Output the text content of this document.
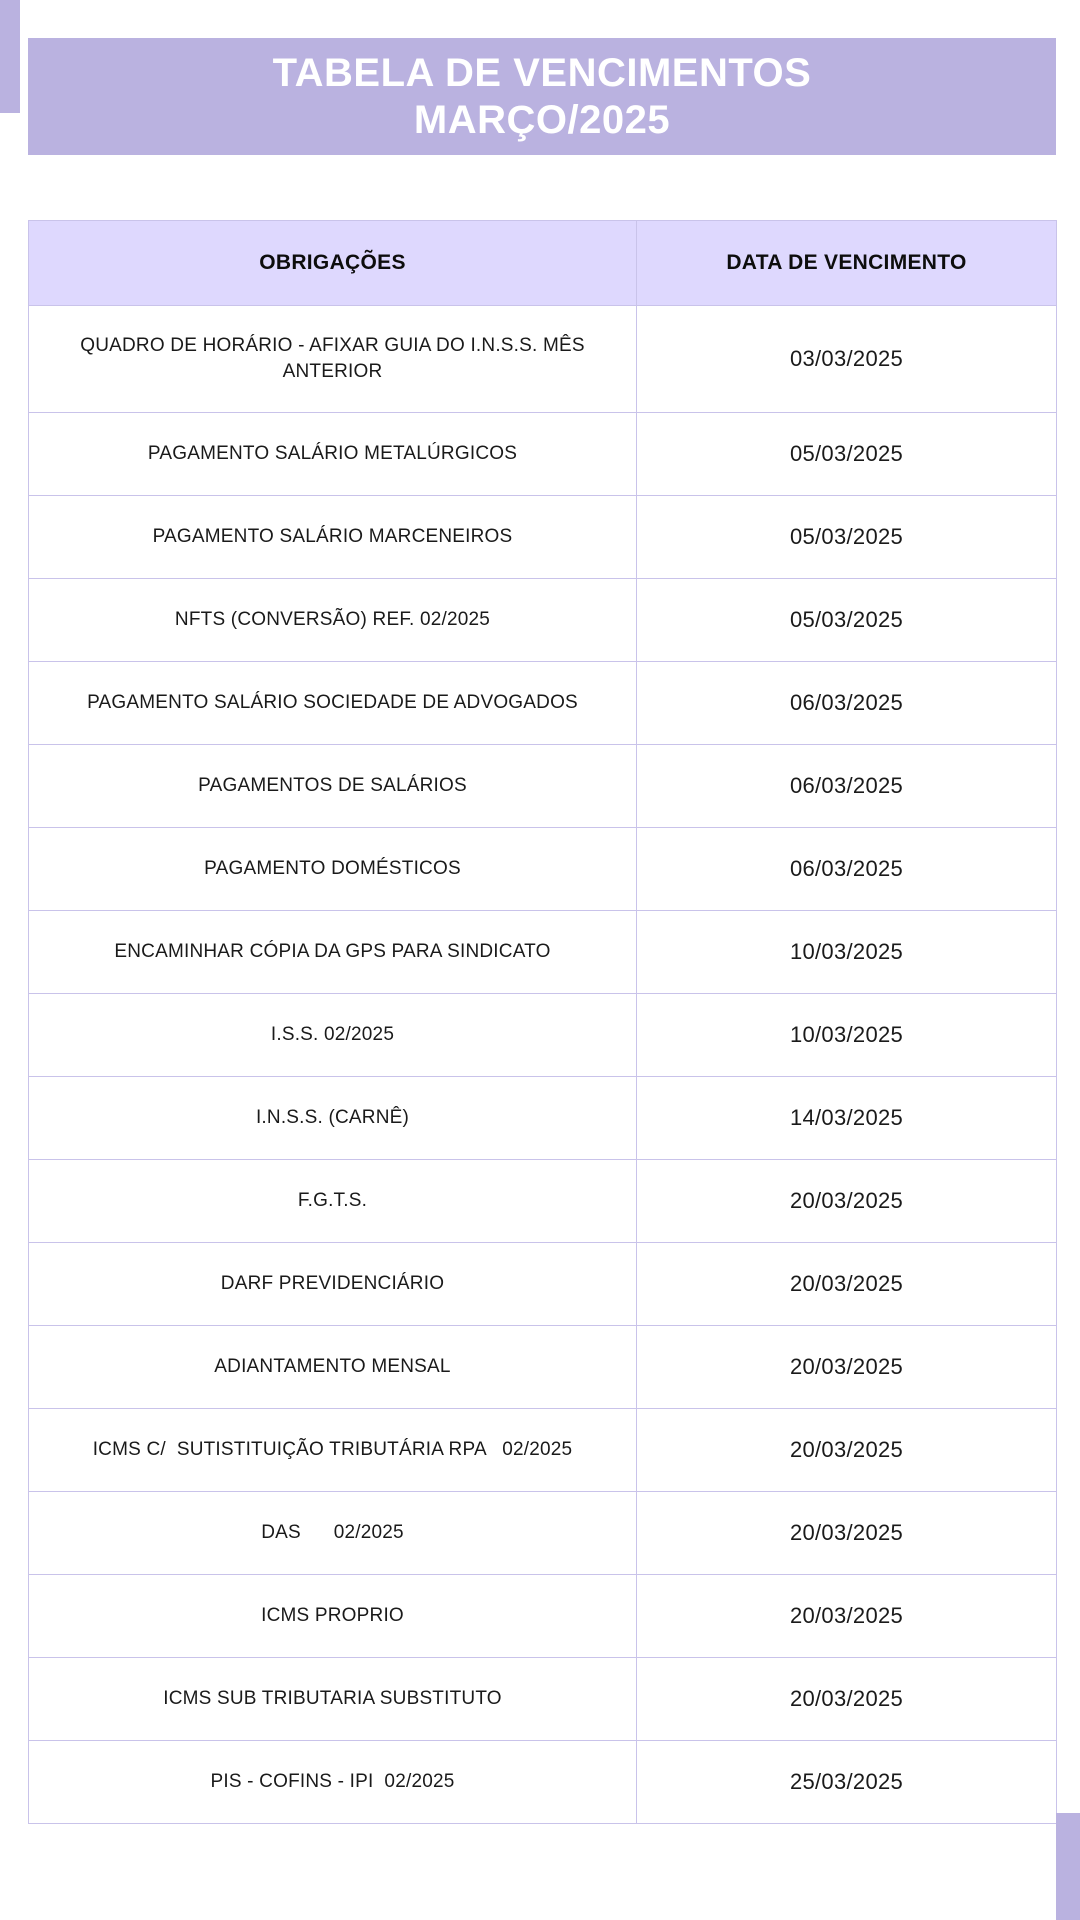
TABELA DE VENCIMENTOS
MARÇO/2025
OBRIGAÇÕES	DATA DE VENCIMENTO
QUADRO DE HORÁRIO - AFIXAR GUIA DO I.N.S.S. MÊS ANTERIOR	03/03/2025
PAGAMENTO SALÁRIO METALÚRGICOS	05/03/2025
PAGAMENTO SALÁRIO MARCENEIROS	05/03/2025
NFTS (CONVERSÃO) REF. 02/2025	05/03/2025
PAGAMENTO SALÁRIO SOCIEDADE DE ADVOGADOS	06/03/2025
PAGAMENTOS DE SALÁRIOS	06/03/2025
PAGAMENTO DOMÉSTICOS	06/03/2025
ENCAMINHAR CÓPIA DA GPS PARA SINDICATO	10/03/2025
I.S.S. 02/2025	10/03/2025
I.N.S.S. (CARNÊ)	14/03/2025
F.G.T.S.	20/03/2025
DARF PREVIDENCIÁRIO	20/03/2025
ADIANTAMENTO MENSAL	20/03/2025
ICMS C/  SUTISTITUIÇÃO TRIBUTÁRIA RPA   02/2025	20/03/2025
DAS      02/2025	20/03/2025
ICMS PROPRIO	20/03/2025
ICMS SUB TRIBUTARIA SUBSTITUTO	20/03/2025
PIS - COFINS - IPI  02/2025	25/03/2025
